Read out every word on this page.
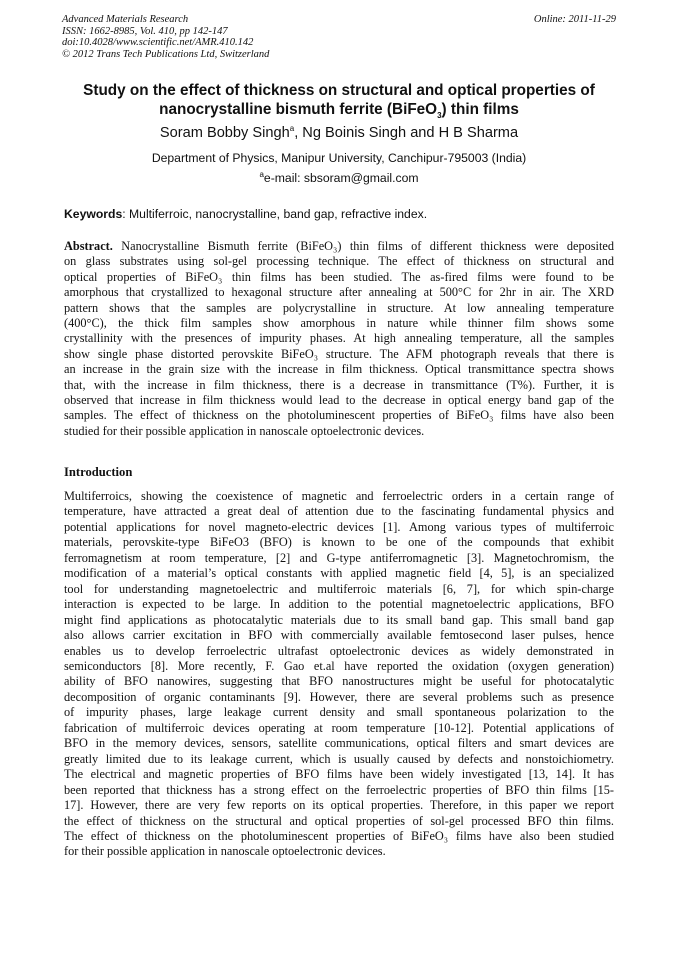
Advanced Materials Research
ISSN: 1662-8985, Vol. 410, pp 142-147
doi:10.4028/www.scientific.net/AMR.410.142
© 2012 Trans Tech Publications Ltd, Switzerland
Online: 2011-11-29
Study on the effect of thickness on structural and optical properties of
nanocrystalline bismuth ferrite (BiFeO$_3$) thin films
Soram Bobby Singh$^a$, Ng Boinis Singh and H B Sharma
Department of Physics, Manipur University, Canchipur-795003 (India)
$^a$e-mail: sbsoram@gmail.com
Keywords: Multiferroic, nanocrystalline, band gap, refractive index.
Abstract. Nanocrystalline Bismuth ferrite (BiFeO₃) thin films of different thickness were deposited
on glass substrates using sol-gel processing technique. The effect of thickness on structural and
optical properties of BiFeO₃ thin films has been studied. The as-fired films were found to be
amorphous that crystallized to hexagonal structure after annealing at 500°C for 2hr in air. The XRD
pattern shows that the samples are polycrystalline in structure. At low annealing temperature
(400°C), the thick film samples show amorphous in nature while thinner film shows some
crystallinity with the presences of impurity phases. At high annealing temperature, all the samples
show single phase distorted perovskite BiFeO₃ structure. The AFM photograph reveals that there is
an increase in the grain size with the increase in film thickness. Optical transmittance spectra shows
that, with the increase in film thickness, there is a decrease in transmittance (T%). Further, it is
observed that increase in film thickness would lead to the decrease in optical energy band gap of the
samples. The effect of thickness on the photoluminescent properties of BiFeO₃ films have also been
studied for their possible application in nanoscale optoelectronic devices.
Introduction
Multiferroics, showing the coexistence of magnetic and ferroelectric orders in a certain range of
temperature, have attracted a great deal of attention due to the fascinating fundamental physics and
potential applications for novel magneto-electric devices [1]. Among various types of multiferroic
materials, perovskite-type BiFeO3 (BFO) is known to be one of the compounds that exhibit
ferromagnetism at room temperature, [2] and G-type antiferromagnetic [3]. Magnetochromism, the
modification of a material’s optical constants with applied magnetic field [4, 5], is an specialized
tool for understanding magnetoelectric and multiferroic materials [6, 7], for which spin-charge
interaction is expected to be large. In addition to the potential magnetoelectric applications, BFO
might find applications as photocatalytic materials due to its small band gap. This small band gap
also allows carrier excitation in BFO with commercially available femtosecond laser pulses, hence
enables us to develop ferroelectric ultrafast optoelectronic devices as widely demonstrated in
semiconductors [8]. More recently, F. Gao et.al have reported the oxidation (oxygen generation)
ability of BFO nanowires, suggesting that BFO nanostructures might be useful for photocatalytic
decomposition of organic contaminants [9]. However, there are several problems such as presence
of impurity phases, large leakage current density and small spontaneous polarization to the
fabrication of multiferroic devices operating at room temperature [10-12]. Potential applications of
BFO in the memory devices, sensors, satellite communications, optical filters and smart devices are
greatly limited due to its leakage current, which is usually caused by defects and nonstoichiometry.
The electrical and magnetic properties of BFO films have been widely investigated [13, 14]. It has
been reported that thickness has a strong effect on the ferroelectric properties of BFO thin films [15-
17]. However, there are very few reports on its optical properties. Therefore, in this paper we report
the effect of thickness on the structural and optical properties of sol-gel processed BFO thin films.
The effect of thickness on the photoluminescent properties of BiFeO₃ films have also been studied
for their possible application in nanoscale optoelectronic devices.
